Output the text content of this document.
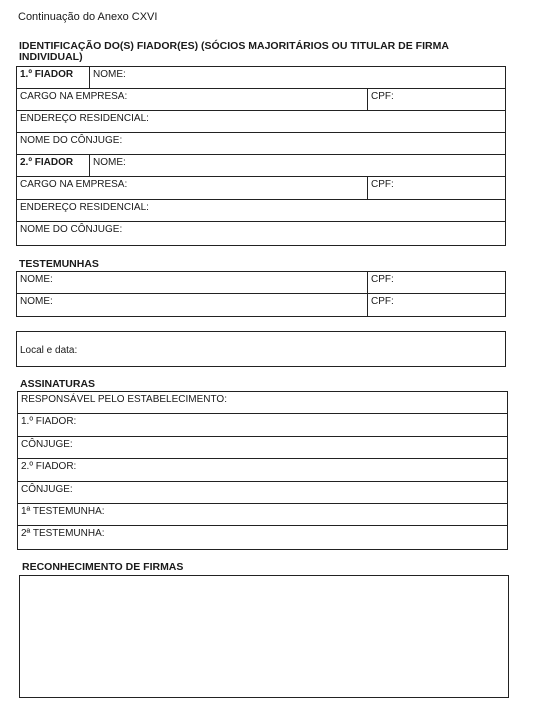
Continuação do Anexo CXVI
IDENTIFICAÇÃO DO(S) FIADOR(ES) (SÓCIOS MAJORITÁRIOS OU TITULAR DE FIRMA
INDIVIDUAL)
1.º FIADOR	NOME:
CARGO NA EMPRESA:	CPF:
ENDEREÇO RESIDENCIAL:
NOME DO CÔNJUGE:
2.º FIADOR	NOME:
CARGO NA EMPRESA:	CPF:
ENDEREÇO RESIDENCIAL:
NOME DO CÔNJUGE:
TESTEMUNHAS
NOME:	CPF:
NOME:	CPF:
Local e data:
ASSINATURAS
RESPONSÁVEL PELO ESTABELECIMENTO:
1.º FIADOR:
CÔNJUGE:
2.º FIADOR:
CÔNJUGE:
1ª TESTEMUNHA:
2ª TESTEMUNHA:
RECONHECIMENTO DE FIRMAS
